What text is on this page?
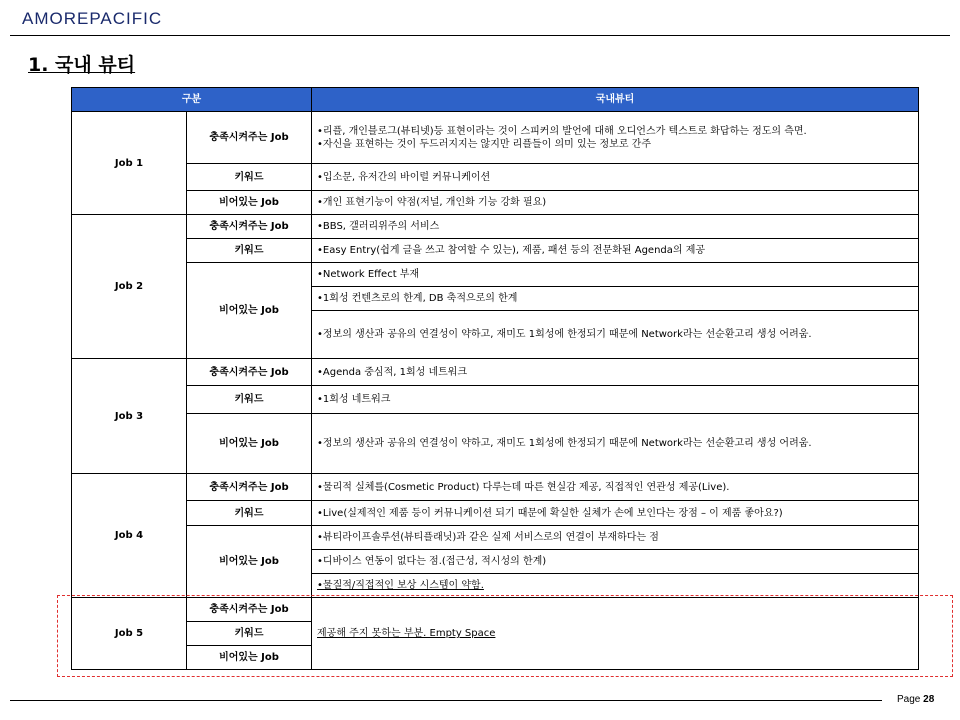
AMOREPACIFIC
1. 국내 뷰티
구분		국내뷰티
Job 1	충족시켜주는 Job	•리플, 개인블로그(뷰티넷)등 표현이라는 것이 스피커의 발언에 대해 오디언스가 텍스트로 화답하는 정도의 측면.
•자신을 표현하는 것이 두드러지지는 않지만 리플들이 의미 있는 정보로 간주
	키워드	•입소문, 유저간의 바이럴 커뮤니케이션
	비어있는 Job	•개인 표현기능이 약점(저널, 개인화 기능 강화 필요)
Job 2	충족시켜주는 Job	•BBS, 갤러리위주의 서비스
	키워드	•Easy Entry(쉽게 글을 쓰고 참여할 수 있는), 제품, 패션 등의 전문화된 Agenda의 제공
	비어있는 Job	•Network Effect 부재
		•1회성 컨텐츠로의 한계, DB 축적으로의 한계
		•정보의 생산과 공유의 연결성이 약하고, 재미도 1회성에 한정되기 때문에 Network라는 선순환고리 생성 어려움.
Job 3	충족시켜주는 Job	•Agenda 중심적, 1회성 네트워크
	키워드	•1회성 네트워크
	비어있는 Job	•정보의 생산과 공유의 연결성이 약하고, 재미도 1회성에 한정되기 때문에 Network라는 선순환고리 생성 어려움.
Job 4	충족시켜주는 Job	•물리적 실체를(Cosmetic Product) 다루는데 따른 현실감 제공, 직접적인 연관성 제공(Live).
	키워드	•Live(실제적인 제품 등이 커뮤니케이션 되기 때문에 확실한 실체가 손에 보인다는 장점 – 이 제품 좋아요?)
	비어있는 Job	•뷰티라이프솔루션(뷰티플래닛)과 같은 실제 서비스로의 연결이 부재하다는 점
		•디바이스 연동이 없다는 점.(접근성, 적시성의 한계)
		•물질적/직접적인 보상 시스템이 약함.
Job 5	충족시켜주는 Job	제공해 주지 못하는 부분. Empty Space
	키워드	
	비어있는 Job	
Page 28
